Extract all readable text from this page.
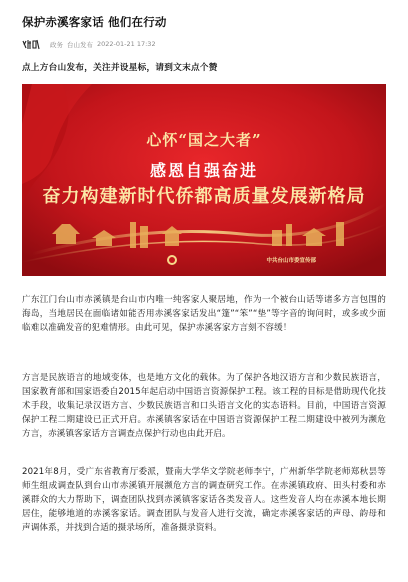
保护赤溪客家话 他们在行动
政务 台山发布 2022-01-21 17:32
点上方台山发布，关注并设星标，请到文末点个赞
心怀“国之大者”
感恩自强奋进
奋力构建新时代侨都高质量发展新格局
中共台山市委宣传部
广东江门台山市赤溪镇是台山市内唯一纯客家人聚居地，作为一个被台山话等诸多方言包围的海岛，当地居民在面临诸如能否用赤溪客家话发出“篷”“笨”“垫”等字音的询问时，或多或少面临难以准确发音的犯难情形。由此可见，保护赤溪客家方言刻不容缓！
方言是民族语言的地域变体，也是地方文化的载体。为了保护各地汉语方言和少数民族语言，国家教育部和国家语委自2015年起启动中国语言资源保护工程。该工程的目标是借助现代化技术手段，收集记录汉语方言、少数民族语言和口头语言文化的实态语料。目前，中国语言资源保护工程二期建设已正式开启。赤溪镇客家话在中国语言资源保护工程二期建设中被列为濒危方言，赤溪镇客家话方言调查点保护行动也由此开启。
2021年8月，受广东省教育厅委派，暨南大学华文学院老师李宁，广州新华学院老师郑秋昙等师生组成调查队到台山市赤溪镇开展濒危方言的调查研究工作。在赤溪镇政府、田头村委和赤溪群众的大力帮助下，调查团队找到赤溪镇客家话各类发音人。这些发音人均在赤溪本地长期居住，能够地道的赤溪客家话。调查团队与发音人进行交流，确定赤溪客家话的声母、韵母和声调体系，并找到合适的摄录场所，准备摄录资料。
